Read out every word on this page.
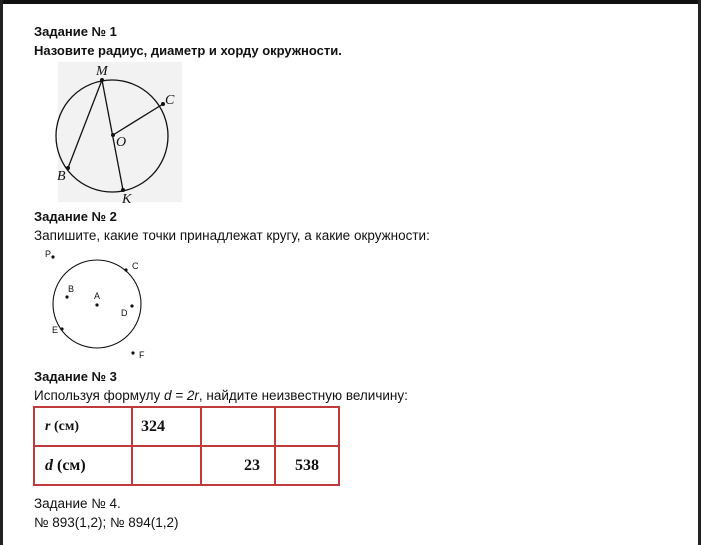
Задание № 1
Назовите радиус, диаметр и хорду окружности.
M
C
O
B
K
P
C
B
A
D
E
F
Задание № 2
Запишите, какие точки принадлежат кругу, а какие окружности:
Задание № 3
Используя формулу d = 2r, найдите неизвестную величину:
r (см)	324		
d (см)		23	538
Задание № 4.
№ 893(1,2); № 894(1,2)
